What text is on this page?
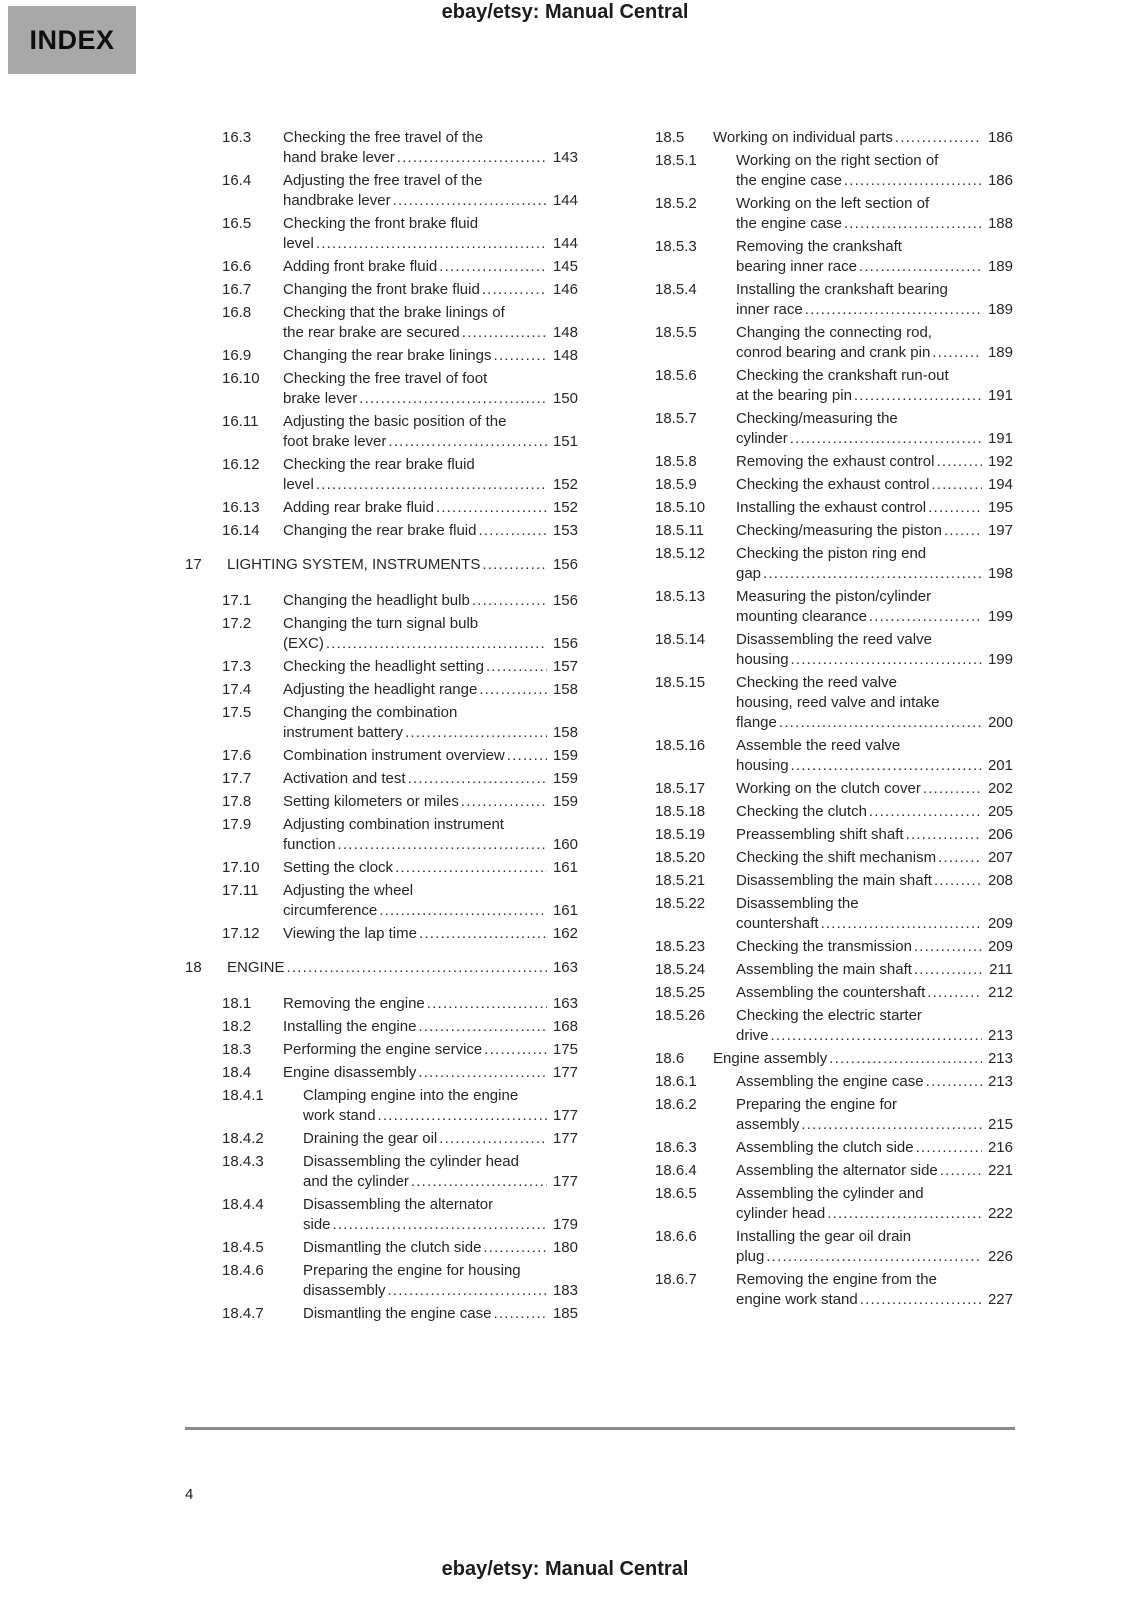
ebay/etsy: Manual Central
INDEX
16.3	Checking the free travel of the
hand brake lever .....	143
16.4	Adjusting the free travel of the
handbrake lever .....	144
16.5	Checking the front brake fluid
level .....	144
16.6	Adding front brake fluid .....	145
16.7	Changing the front brake fluid .....	146
16.8	Checking that the brake linings of
the rear brake are secured .....	148
16.9	Changing the rear brake linings .....	148
16.10	Checking the free travel of foot
brake lever .....	150
16.11	Adjusting the basic position of the
foot brake lever .....	151
16.12	Checking the rear brake fluid
level .....	152
16.13	Adding rear brake fluid .....	152
16.14	Changing the rear brake fluid .....	153
17	LIGHTING SYSTEM, INSTRUMENTS .....	156
17.1	Changing the headlight bulb .....	156
17.2	Changing the turn signal bulb
(EXC) .....	156
17.3	Checking the headlight setting .....	157
17.4	Adjusting the headlight range .....	158
17.5	Changing the combination
instrument battery .....	158
17.6	Combination instrument overview .....	159
17.7	Activation and test .....	159
17.8	Setting kilometers or miles .....	159
17.9	Adjusting combination instrument
function .....	160
17.10	Setting the clock .....	161
17.11	Adjusting the wheel
circumference .....	161
17.12	Viewing the lap time .....	162
18	ENGINE .....	163
18.1	Removing the engine .....	163
18.2	Installing the engine .....	168
18.3	Performing the engine service .....	175
18.4	Engine disassembly .....	177
18.4.1	Clamping engine into the engine
work stand .....	177
18.4.2	Draining the gear oil .....	177
18.4.3	Disassembling the cylinder head
and the cylinder .....	177
18.4.4	Disassembling the alternator
side .....	179
18.4.5	Dismantling the clutch side .....	180
18.4.6	Preparing the engine for housing
disassembly .....	183
18.4.7	Dismantling the engine case .....	185
18.5	Working on individual parts .....	186
18.5.1	Working on the right section of
the engine case .....	186
18.5.2	Working on the left section of
the engine case .....	188
18.5.3	Removing the crankshaft
bearing inner race .....	189
18.5.4	Installing the crankshaft bearing
inner race .....	189
18.5.5	Changing the connecting rod,
conrod bearing and crank pin .....	189
18.5.6	Checking the crankshaft run-out
at the bearing pin .....	191
18.5.7	Checking/measuring the
cylinder .....	191
18.5.8	Removing the exhaust control .....	192
18.5.9	Checking the exhaust control .....	194
18.5.10	Installing the exhaust control .....	195
18.5.11	Checking/measuring the piston .....	197
18.5.12	Checking the piston ring end
gap .....	198
18.5.13	Measuring the piston/cylinder
mounting clearance .....	199
18.5.14	Disassembling the reed valve
housing .....	199
18.5.15	Checking the reed valve
housing, reed valve and intake
flange .....	200
18.5.16	Assemble the reed valve
housing .....	201
18.5.17	Working on the clutch cover .....	202
18.5.18	Checking the clutch .....	205
18.5.19	Preassembling shift shaft .....	206
18.5.20	Checking the shift mechanism .....	207
18.5.21	Disassembling the main shaft .....	208
18.5.22	Disassembling the
countershaft .....	209
18.5.23	Checking the transmission .....	209
18.5.24	Assembling the main shaft .....	211
18.5.25	Assembling the countershaft .....	212
18.5.26	Checking the electric starter
drive .....	213
18.6	Engine assembly .....	213
18.6.1	Assembling the engine case .....	213
18.6.2	Preparing the engine for
assembly .....	215
18.6.3	Assembling the clutch side .....	216
18.6.4	Assembling the alternator side .....	221
18.6.5	Assembling the cylinder and
cylinder head .....	222
18.6.6	Installing the gear oil drain
plug .....	226
18.6.7	Removing the engine from the
engine work stand .....	227
4
ebay/etsy: Manual Central
